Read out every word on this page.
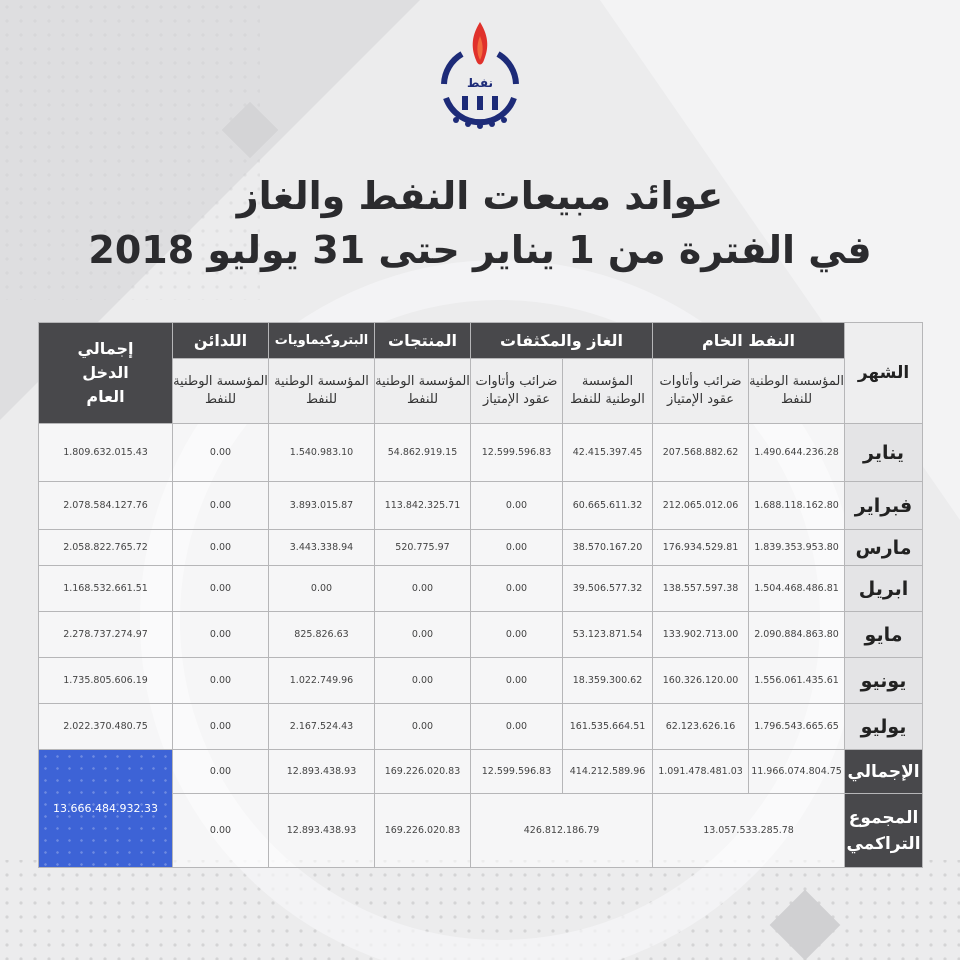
نفط
عوائد مبيعات النفط والغاز
في الفترة من 1 يناير حتى 31 يوليو 2018
إجمالي الدخل العام	اللدائن	البتروكيماويات	المنتجات	الغاز والمكثفات		النفط الخام		الشهر
	المؤسسة الوطنية للنفط	المؤسسة الوطنية للنفط	المؤسسة الوطنية للنفط	ضرائب وأتاوات عقود الإمتياز	المؤسسة الوطنية للنفط	ضرائب وأتاوات عقود الإمتياز	المؤسسة الوطنية للنفط	
1.809.632.015.43	0.00	1.540.983.10	54.862.919.15	12.599.596.83	42.415.397.45	207.568.882.62	1.490.644.236.28	يناير
2.078.584.127.76	0.00	3.893.015.87	113.842.325.71	0.00	60.665.611.32	212.065.012.06	1.688.118.162.80	فبراير
2.058.822.765.72	0.00	3.443.338.94	520.775.97	0.00	38.570.167.20	176.934.529.81	1.839.353.953.80	مارس
1.168.532.661.51	0.00	0.00	0.00	0.00	39.506.577.32	138.557.597.38	1.504.468.486.81	ابريل
2.278.737.274.97	0.00	825.826.63	0.00	0.00	53.123.871.54	133.902.713.00	2.090.884.863.80	مايو
1.735.805.606.19	0.00	1.022.749.96	0.00	0.00	18.359.300.62	160.326.120.00	1.556.061.435.61	يونيو
2.022.370.480.75	0.00	2.167.524.43	0.00	0.00	161.535.664.51	62.123.626.16	1.796.543.665.65	يوليو
13.666.484.932.33	0.00	12.893.438.93	169.226.020.83	12.599.596.83	414.212.589.96	1.091.478.481.03	11.966.074.804.75	الإجمالي
	0.00	12.893.438.93	169.226.020.83	426.812.186.79		13.057.533.285.78		المجموع
التراكمي
